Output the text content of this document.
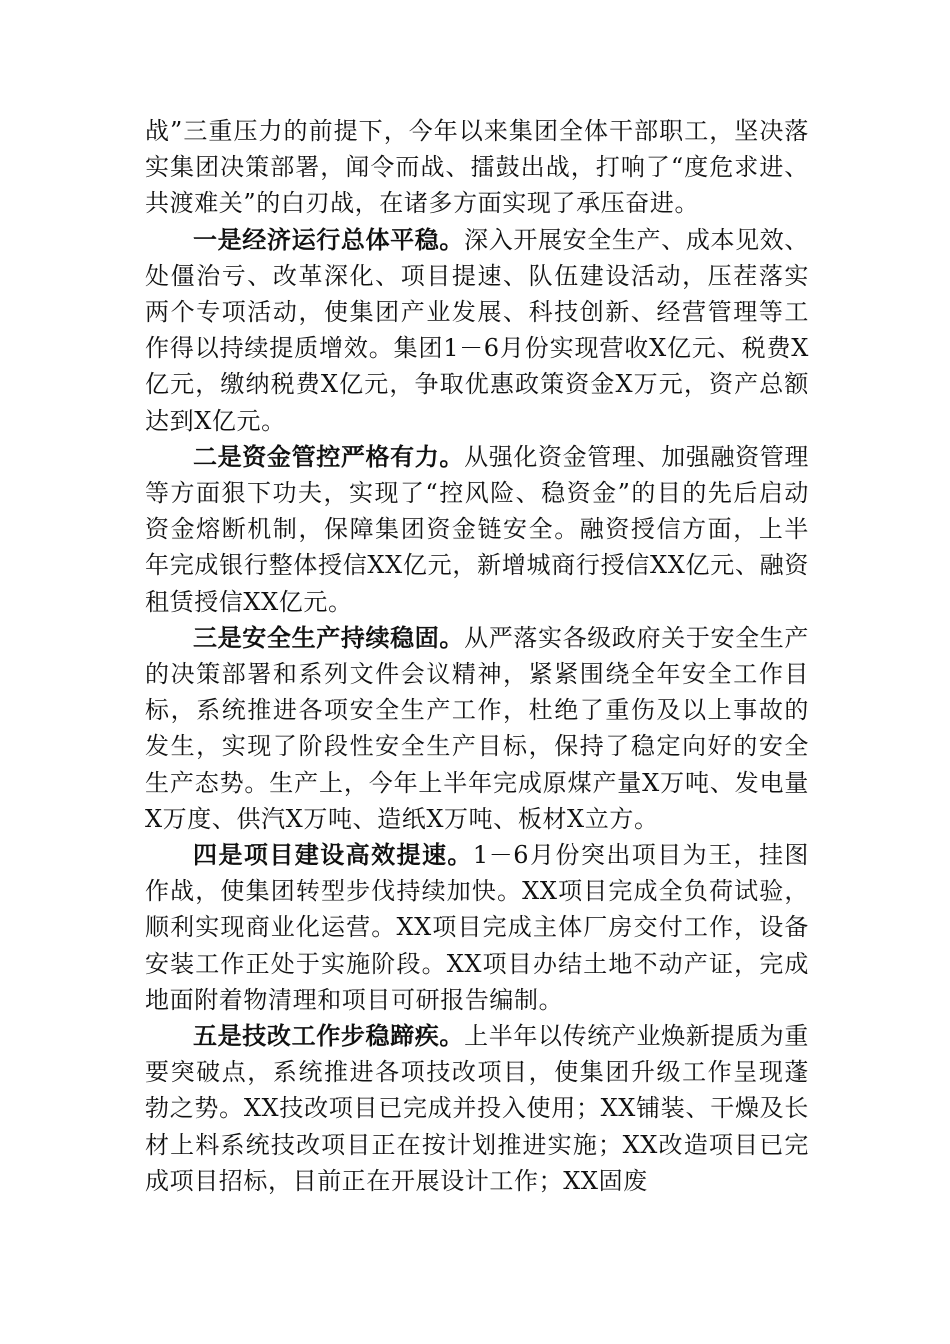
战”三重压力的前提下，今年以来集团全体干部职工，坚决落实集团决策部署，闻令而战、擂鼓出战，打响了“度危求进、共渡难关”的白刃战，在诸多方面实现了承压奋进。

一是经济运行总体平稳。深入开展安全生产、成本见效、处僵治亏、改革深化、项目提速、队伍建设活动，压茬落实两个专项活动，使集团产业发展、科技创新、经营管理等工作得以持续提质增效。集团1－6月份实现营收X亿元、税费X亿元，缴纳税费X亿元，争取优惠政策资金X万元，资产总额达到X亿元。

二是资金管控严格有力。从强化资金管理、加强融资管理等方面狠下功夫，实现了“控风险、稳资金”的目的先后启动资金熔断机制，保障集团资金链安全。融资授信方面，上半年完成银行整体授信XX亿元，新增城商行授信XX亿元、融资租赁授信XX亿元。

三是安全生产持续稳固。从严落实各级政府关于安全生产的决策部署和系列文件会议精神，紧紧围绕全年安全工作目标，系统推进各项安全生产工作，杜绝了重伤及以上事故的发生，实现了阶段性安全生产目标，保持了稳定向好的安全生产态势。生产上，今年上半年完成原煤产量X万吨、发电量X万度、供汽X万吨、造纸X万吨、板材X立方。

四是项目建设高效提速。1－6月份突出项目为王，挂图作战，使集团转型步伐持续加快。XX项目完成全负荷试验，顺利实现商业化运营。XX项目完成主体厂房交付工作，设备安装工作正处于实施阶段。XX项目办结土地不动产证，完成地面附着物清理和项目可研报告编制。

五是技改工作步稳蹄疾。上半年以传统产业焕新提质为重要突破点，系统推进各项技改项目，使集团升级工作呈现蓬勃之势。XX技改项目已完成并投入使用；XX铺装、干燥及长材上料系统技改项目正在按计划推进实施；XX改造项目已完成项目招标，目前正在开展设计工作；XX固废
